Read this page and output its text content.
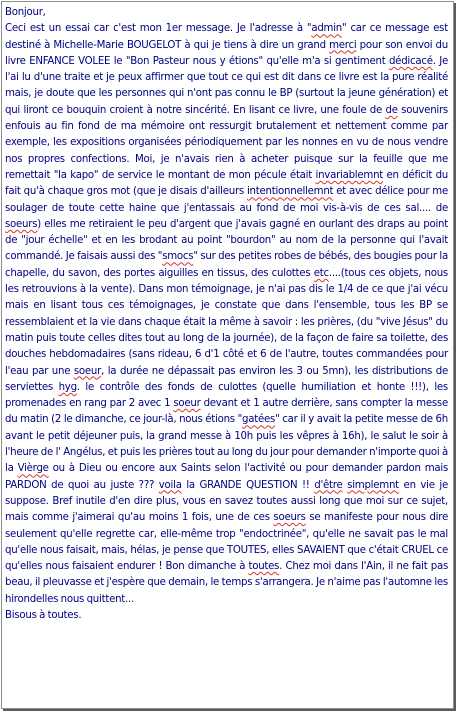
Bonjour,

Ceci est un essai car c'est mon 1er message. Je l'adresse à "admin" car ce message est destiné à Michelle-Marie BOUGELOT à qui je tiens à dire un grand merci pour son envoi du livre ENFANCE VOLEE le "Bon Pasteur nous y étions" qu'elle m'a si gentiment dédicacé. Je l'ai lu d'une traite et je peux affirmer que tout ce qui est dit dans ce livre est la pure réalité mais, je doute que les personnes qui n'ont pas connu le BP (surtout la jeune génération) et qui liront ce bouquin croient à notre sincérité. En lisant ce livre, une foule de de souvenirs enfouis au fin fond de ma mémoire ont ressurgit brutalement et nettement comme par exemple, les expositions organisées périodiquement par les nonnes en vu de nous vendre nos propres confections. Moi, je n'avais rien à acheter puisque sur la feuille que me remettait "la kapo" de service le montant de mon pécule était invariablemnt en déficit du fait qu'à chaque gros mot (que je disais d'ailleurs intentionnellemnt et avec délice pour me soulager de toute cette haine que j'entassais au fond de moi vis-à-vis de ces sal.... de soeurs) elles me retiraient le peu d'argent que j'avais gagné en ourlant des draps au point de "jour échelle" et en les brodant au point "bourdon" au nom de la personne qui l'avait commandé. Je faisais aussi des "smocs" sur des petites robes de bébés, des bougies pour la chapelle, du savon, des portes aiguilles en tissus, des culottes etc....(tous ces objets, nous les retrouvions à la vente). Dans mon témoignage, je n'ai pas dis le 1/4 de ce que j'ai vécu mais en lisant tous ces témoignages, je constate que dans l'ensemble, tous les BP se ressemblaient et la vie dans chaque était la même à savoir : les prières, (du "vive Jésus" du matin puis toute celles dites tout au long de la journée), de la façon de faire sa toilette, des douches hebdomadaires (sans rideau, 6 d'1 côté et 6 de l'autre, toutes commandées pour l'eau par une soeur, la durée ne dépassait pas environ les 3 ou 5mn), les distributions de serviettes hyg. le contrôle des fonds de culottes (quelle humiliation et honte !!!), les promenades en rang par 2 avec 1 soeur devant et 1 autre derrière, sans compter la messe du matin (2 le dimanche, ce jour-là, nous étions "gatées" car il y avait la petite messe de 6h avant le petit déjeuner puis, la grand messe à 10h puis les vêpres à 16h), le salut le soir à l'heure de l' Angélus, et puis les prières tout au long du jour pour demander n'importe quoi à la Vièrge ou à Dieu ou encore aux Saints selon l'activité ou pour demander pardon mais PARDON de quoi au juste ??? voila la GRANDE QUESTION !! d'être simplemnt en vie je suppose. Bref inutile d'en dire plus, vous en savez toutes aussi long que moi sur ce sujet, mais comme j'aimerai qu'au moins 1 fois, une de ces soeurs se manifeste pour nous dire seulement qu'elle regrette car, elle-même trop "endoctrinée", qu'elle ne savait pas le mal qu'elle nous faisait, mais, hélas, je pense que TOUTES, elles SAVAIENT que c'était CRUEL ce qu'elles nous faisaient endurer ! Bon dimanche à toutes. Chez moi dans l'Ain, il ne fait pas beau, il pleuvasse et j'espère que demain, le temps s'arrangera. Je n'aime pas l'automne les hirondelles nous quittent...

Bisous à toutes.
